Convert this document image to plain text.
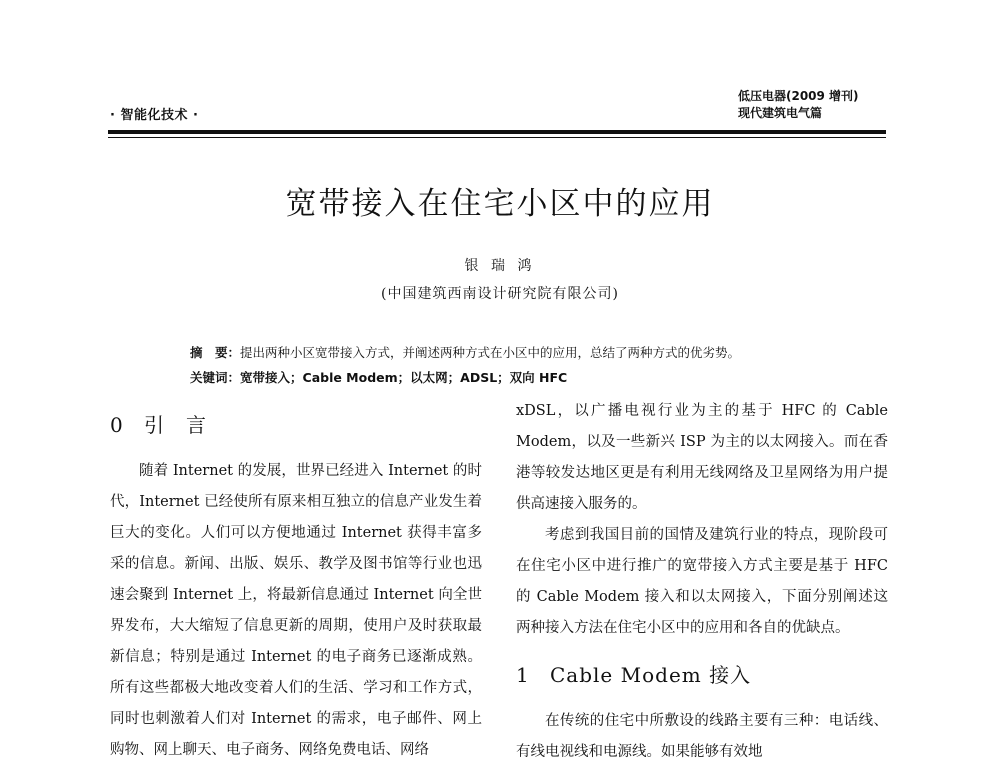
· 智能化技术 ·
低压电器(2009 增刊)
现代建筑电气篇
宽带接入在住宅小区中的应用
银 瑞 鸿
(中国建筑西南设计研究院有限公司)
摘　要：提出两种小区宽带接入方式，并阐述两种方式在小区中的应用，总结了两种方式的优劣势。
关键词：宽带接入；Cable Modem；以太网；ADSL；双向 HFC
0 引　言

随着 Internet 的发展，世界已经进入 Internet 的时代，Internet 已经使所有原来相互独立的信息产业发生着巨大的变化。人们可以方便地通过 Internet 获得丰富多采的信息。新闻、出版、娱乐、教学及图书馆等行业也迅速会聚到 Internet 上，将最新信息通过 Internet 向全世界发布，大大缩短了信息更新的周期，使用户及时获取最新信息；特别是通过 Internet 的电子商务已逐渐成熟。所有这些都极大地改变着人们的生活、学习和工作方式，同时也刺激着人们对 Internet 的需求，电子邮件、网上购物、网上聊天、电子商务、网络免费电话、网络

xDSL，以广播电视行业为主的基于 HFC 的 Cable Modem，以及一些新兴 ISP 为主的以太网接入。而在香港等较发达地区更是有利用无线网络及卫星网络为用户提供高速接入服务的。

考虑到我国目前的国情及建筑行业的特点，现阶段可在住宅小区中进行推广的宽带接入方式主要是基于 HFC 的 Cable Modem 接入和以太网接入，下面分别阐述这两种接入方法在住宅小区中的应用和各自的优缺点。

1 Cable Modem 接入

在传统的住宅中所敷设的线路主要有三种：电话线、有线电视线和电源线。如果能够有效地
